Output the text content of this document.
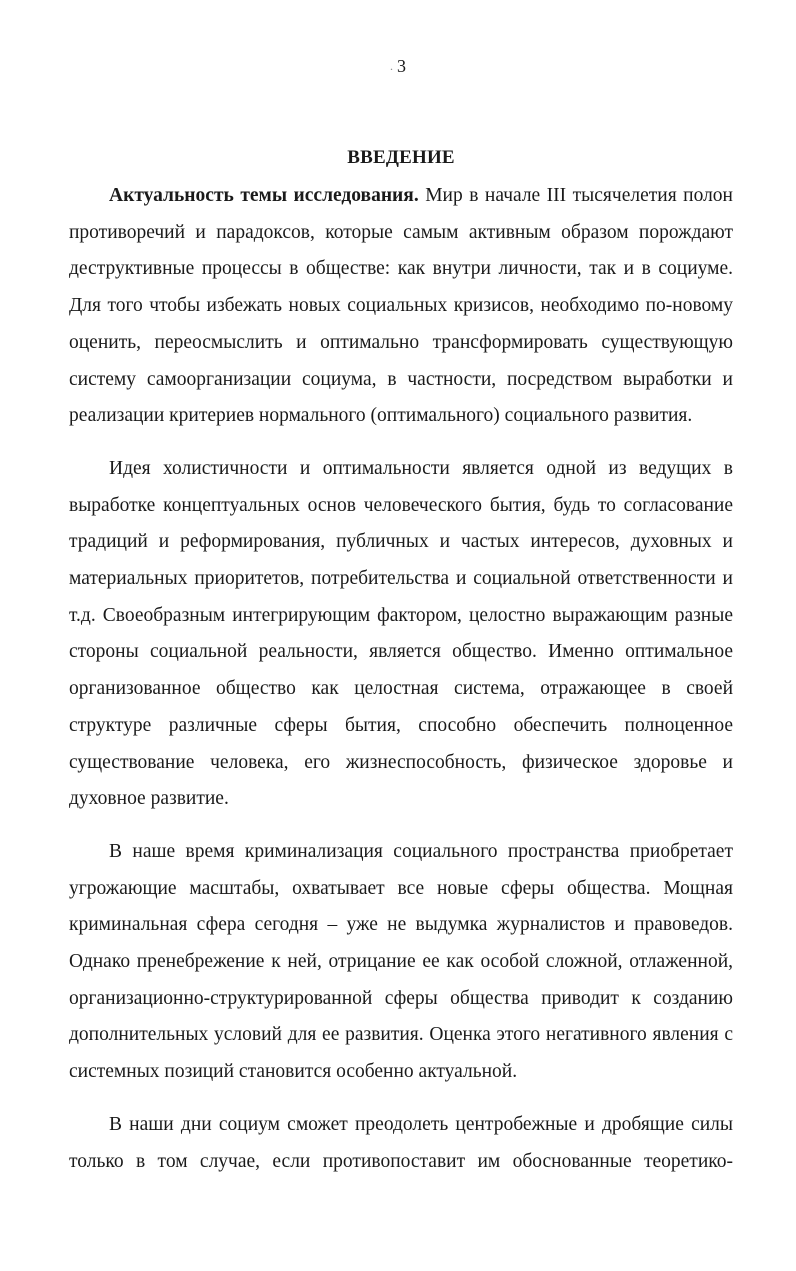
. 3
ВВЕДЕНИЕ

Актуальность темы исследования. Мир в начале III тысячелетия полон противоречий и парадоксов, которые самым активным образом порождают деструктивные процессы в обществе: как внутри личности, так и в социуме. Для того чтобы избежать новых социальных кризисов, необходимо по-новому оценить, переосмыслить и оптимально трансформировать существующую систему самоорганизации социума, в частности, посредством выработки и реализации критериев нормального (оптимального) социального развития.

Идея холистичности и оптимальности является одной из ведущих в выработке концептуальных основ человеческого бытия, будь то согласование традиций и реформирования, публичных и частых интересов, духовных и материальных приоритетов, потребительства и социальной ответственности и т.д. Своеобразным интегрирующим фактором, целостно выражающим разные стороны социальной реальности, является общество. Именно оптимальное организованное общество как целостная система, отражающее в своей структуре различные сферы бытия, способно обеспечить полноценное существование человека, его жизнеспособность, физическое здоровье и духовное развитие.

В наше время криминализация социального пространства приобретает угрожающие масштабы, охватывает все новые сферы общества. Мощная криминальная сфера сегодня – уже не выдумка журналистов и правоведов. Однако пренебрежение к ней, отрицание ее как особой сложной, отлаженной, организационно-структурированной сферы общества приводит к созданию дополнительных условий для ее развития. Оценка этого негативного явления с системных позиций становится особенно актуальной.

В наши дни социум сможет преодолеть центробежные и дробящие силы только в том случае, если противопоставит им обоснованные теоретико-
